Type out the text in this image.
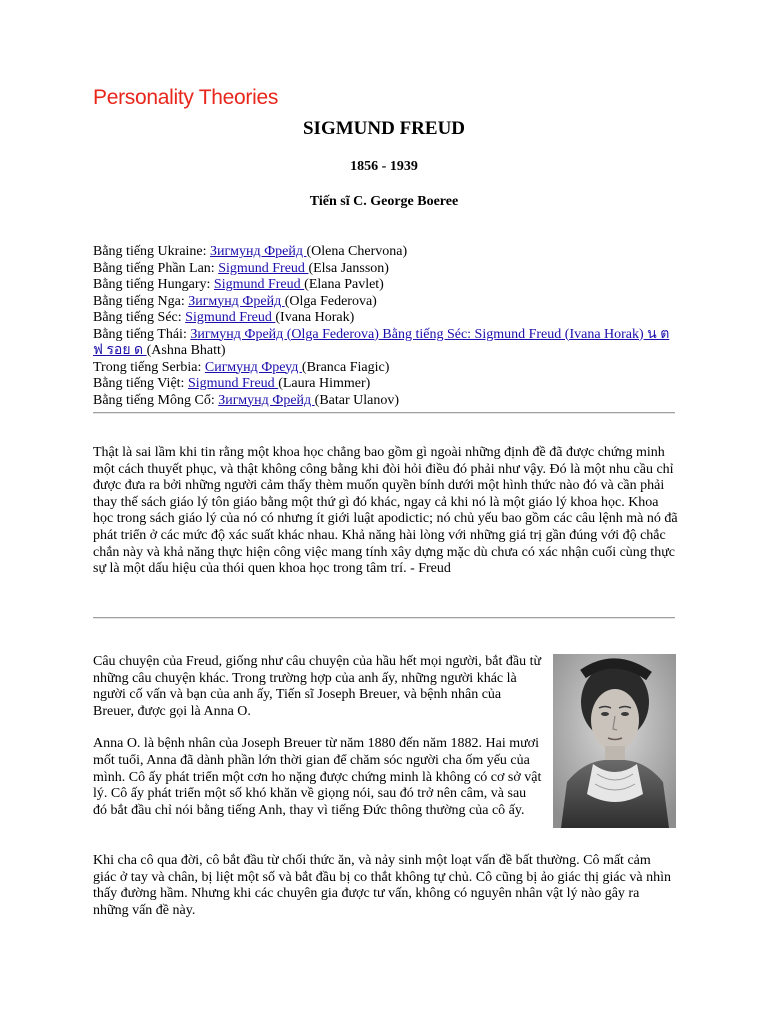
Personality Theories
SIGMUND FREUD
1856 - 1939
Tiến sĩ C. George Boeree
Bằng tiếng Ukraine: Зигмунд Фрейд (Olena Chervona)
Bằng tiếng Phần Lan: Sigmund Freud (Elsa Jansson)
Bằng tiếng Hungary: Sigmund Freud (Elana Pavlet)
Bằng tiếng Nga: Зигмунд Фрейд (Olga Federova)
Bằng tiếng Séc: Sigmund Freud (Ivana Horak)
Bằng tiếng Thái: Зигмунд Фрейд (Olga Federova) Bằng tiếng Séc: Sigmund Freud (Ivana Horak) น ต ฟ รอย ด (Ashna Bhatt)
Trong tiếng Serbia: Сигмунд Фреуд (Branca Fiagic)
Bằng tiếng Việt: Sigmund Freud (Laura Himmer)
Bằng tiếng Mông Cổ: Зигмунд Фрейд (Batar Ulanov)
Thật là sai lầm khi tin rằng một khoa học chẳng bao gồm gì ngoài những định đề đã được chứng minh một cách thuyết phục, và thật không công bằng khi đòi hỏi điều đó phải như vậy. Đó là một nhu cầu chỉ được đưa ra bởi những người cảm thấy thèm muốn quyền bính dưới một hình thức nào đó và cần phải thay thế sách giáo lý tôn giáo bằng một thứ gì đó khác, ngay cả khi nó là một giáo lý khoa học. Khoa học trong sách giáo lý của nó có nhưng ít giới luật apodictic; nó chủ yếu bao gồm các câu lệnh mà nó đã phát triển ở các mức độ xác suất khác nhau. Khả năng hài lòng với những giá trị gần đúng với độ chắc chắn này và khả năng thực hiện công việc mang tính xây dựng mặc dù chưa có xác nhận cuối cùng thực sự là một dấu hiệu của thói quen khoa học trong tâm trí. - Freud

Câu chuyện của Freud, giống như câu chuyện của hầu hết mọi người, bắt đầu từ những câu chuyện khác. Trong trường hợp của anh ấy, những người khác là người cố vấn và bạn của anh ấy, Tiến sĩ Joseph Breuer, và bệnh nhân của Breuer, được gọi là Anna O.

Anna O. là bệnh nhân của Joseph Breuer từ năm 1880 đến năm 1882. Hai mươi mốt tuổi, Anna đã dành phần lớn thời gian để chăm sóc người cha ốm yếu của mình. Cô ấy phát triển một cơn ho nặng được chứng minh là không có cơ sở vật lý. Cô ấy phát triển một số khó khăn về giọng nói, sau đó trở nên câm, và sau đó bắt đầu chỉ nói bằng tiếng Anh, thay vì tiếng Đức thông thường của cô ấy.

Khi cha cô qua đời, cô bắt đầu từ chối thức ăn, và nảy sinh một loạt vấn đề bất thường. Cô mất cảm giác ở tay và chân, bị liệt một số và bắt đầu bị co thắt không tự chủ. Cô cũng bị ảo giác thị giác và nhìn thấy đường hầm. Nhưng khi các chuyên gia được tư vấn, không có nguyên nhân vật lý nào gây ra những vấn đề này.
